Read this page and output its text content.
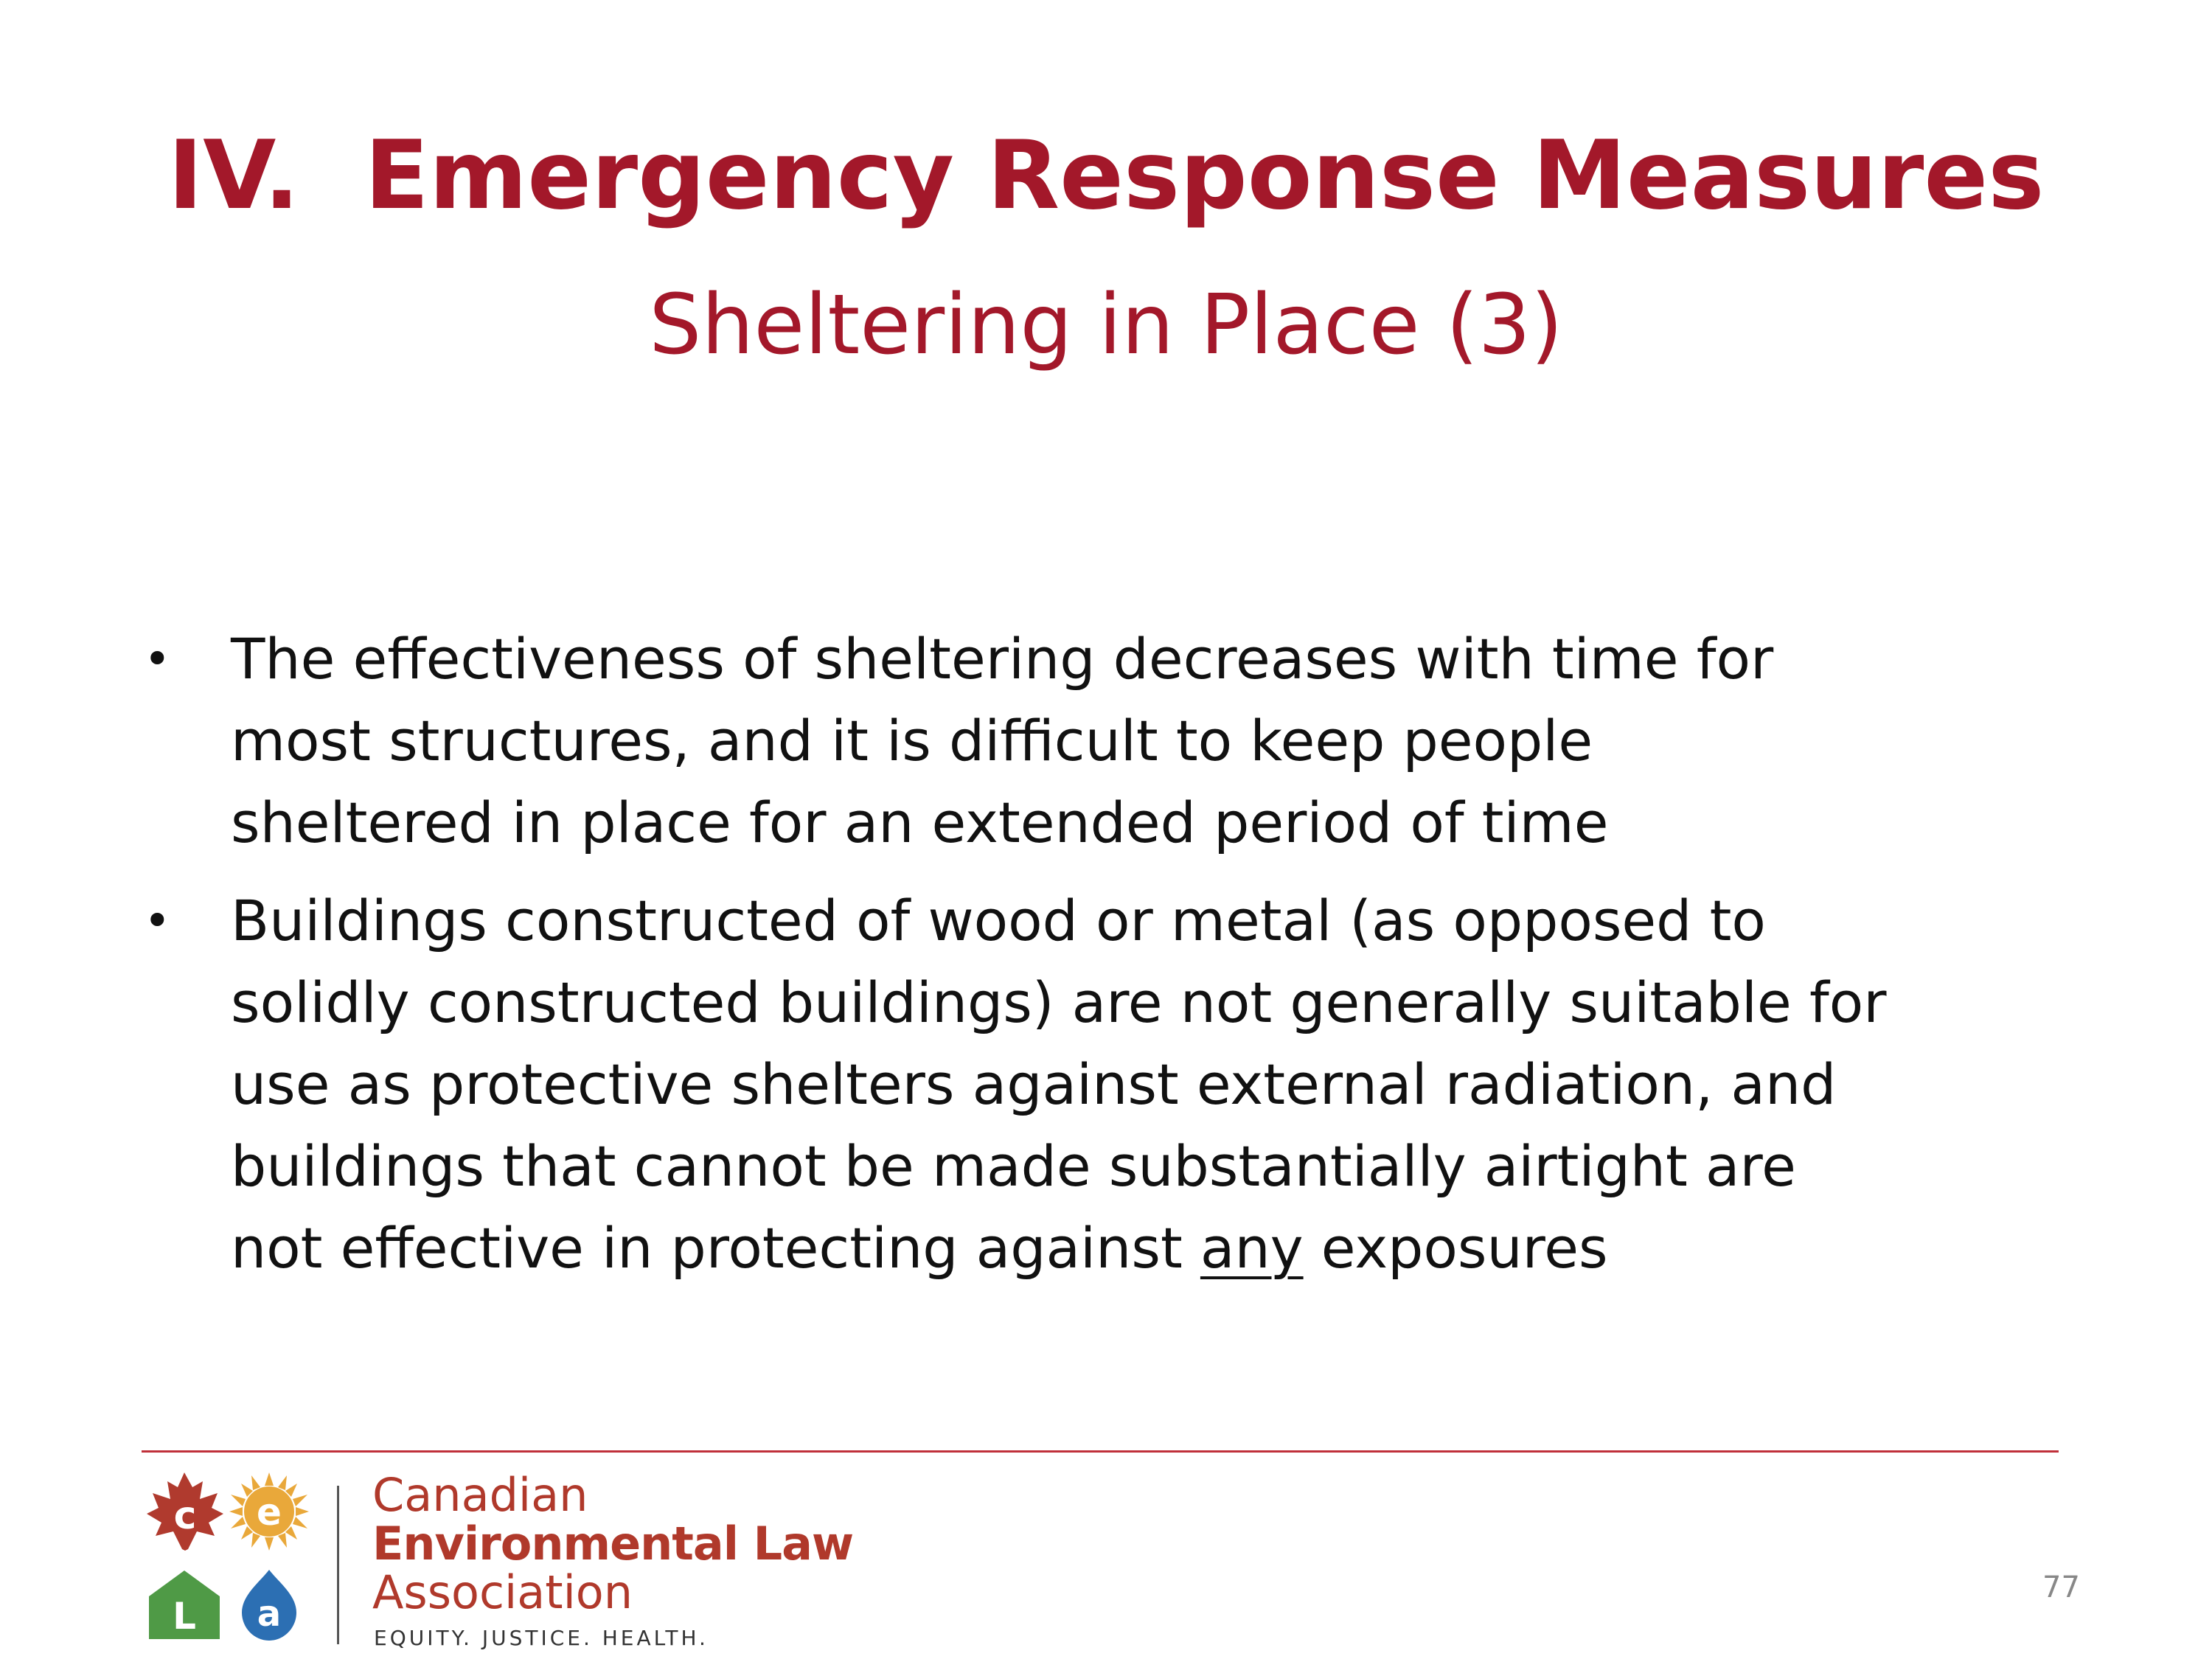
IV. Emergency Response Measures
Sheltering in Place (3)
• The effectiveness of sheltering decreases with time for
most structures, and it is difficult to keep people
sheltered in place for an extended period of time
• Buildings constructed of wood or metal (as opposed to
solidly constructed buildings) are not generally suitable for
use as protective shelters against external radiation, and
buildings that cannot be made substantially airtight are
not effective in protecting against any exposures
c e
L a
Canadian
Environmental Law
Association
EQUITY. JUSTICE. HEALTH.
77
